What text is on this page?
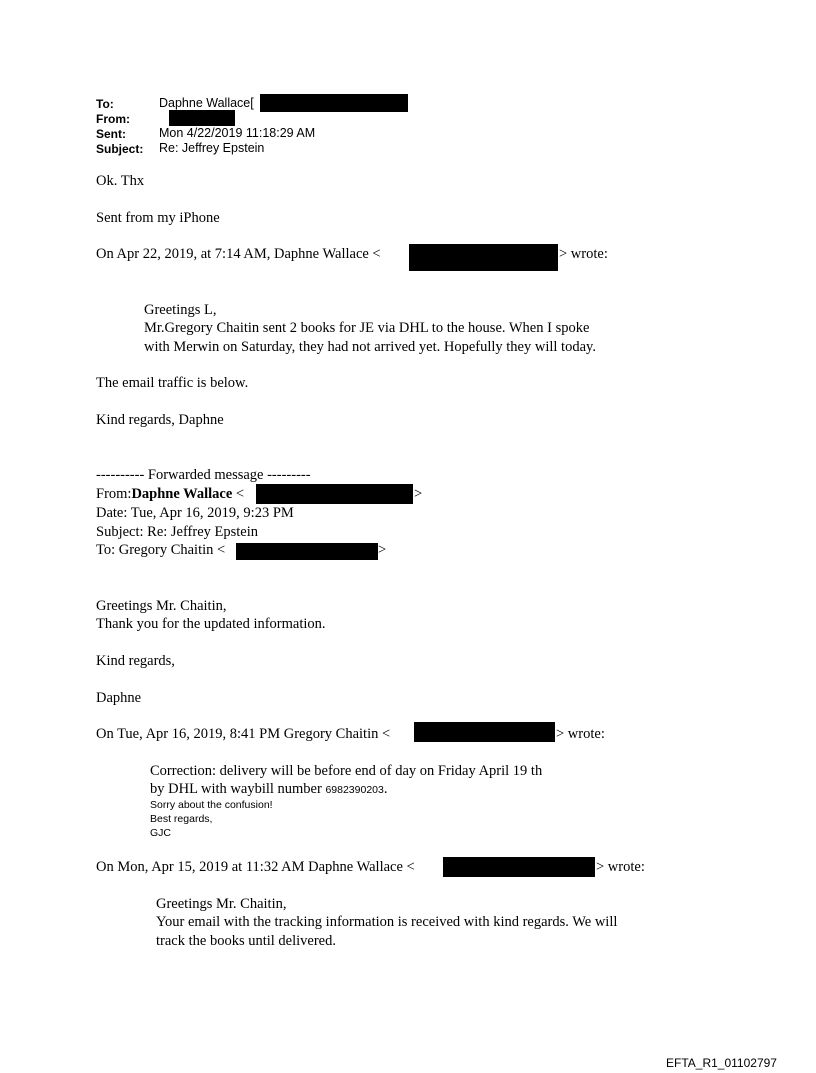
To:	Daphne Wallace[
From:
Sent:	Mon 4/22/2019 11:18:29 AM
Subject: Re: Jeffrey Epstein
Ok. Thx
Sent from my iPhone
On Apr 22, 2019, at 7:14 AM, Daphne Wallace <	> wrote:
Greetings L,
Mr.Gregory Chaitin sent 2 books for JE via DHL to the house. When I spoke
with Merwin on Saturday, they had not arrived yet. Hopefully they will today.
The email traffic is below.
Kind regards, Daphne
---------- Forwarded message ---------
From:Daphne Wallace <	>
Date: Tue, Apr 16, 2019, 9:23 PM
Subject: Re: Jeffrey Epstein
To: Gregory Chaitin <	>
Greetings Mr. Chaitin,
Thank you for the updated information.
Kind regards,
Daphne
On Tue, Apr 16, 2019, 8:41 PM Gregory Chaitin <	> wrote:
Correction: delivery will be before end of day on Friday April 19 th
by DHL with waybill number 6982390203.
Sorry about the confusion!
Best regards,
GJC
On Mon, Apr 15, 2019 at 11:32 AM Daphne Wallace <	> wrote:
Greetings Mr. Chaitin,
Your email with the tracking information is received with kind regards. We will
track the books until delivered.
EFTA_R1_01102797
